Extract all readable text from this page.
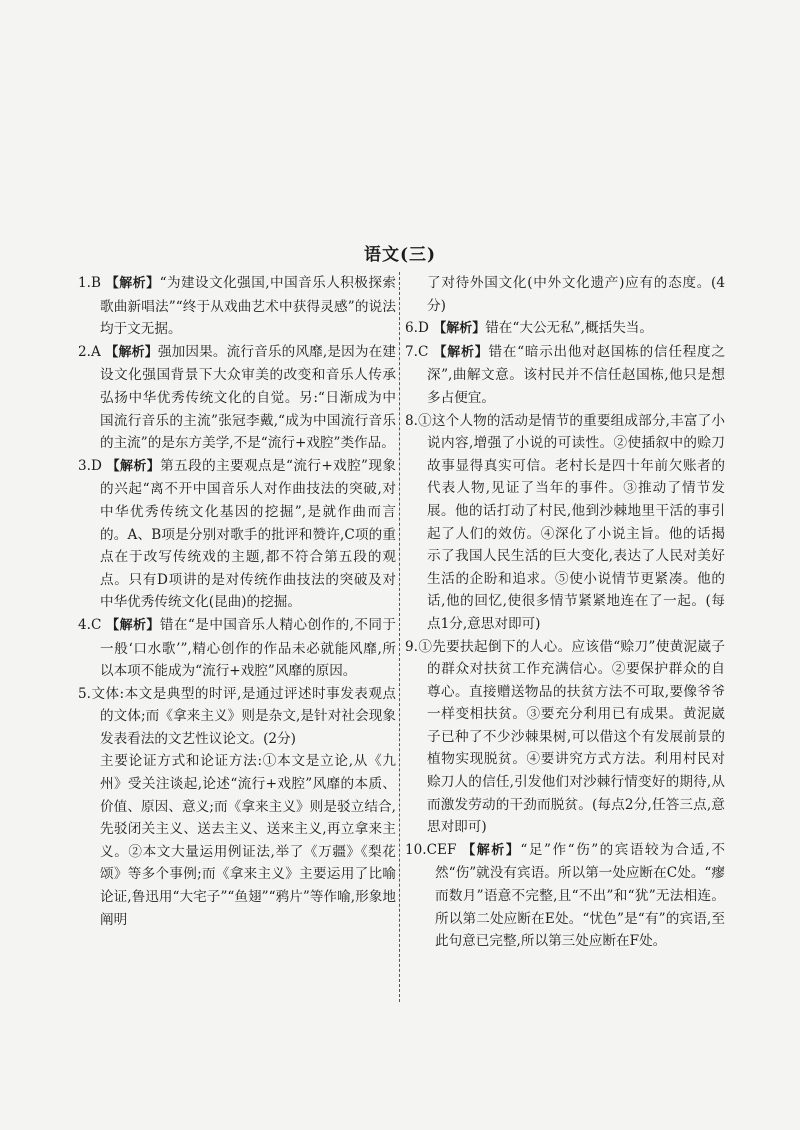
语文(三)

1.B 【解析】“为建设文化强国,中国音乐人积极探索歌曲新唱法”“终于从戏曲艺术中获得灵感”的说法均于文无据。

2.A 【解析】强加因果。流行音乐的风靡,是因为在建设文化强国背景下大众审美的改变和音乐人传承弘扬中华优秀传统文化的自觉。另:“日渐成为中国流行音乐的主流”张冠李戴,“成为中国流行音乐的主流”的是东方美学,不是“流行+戏腔”类作品。

3.D 【解析】第五段的主要观点是“流行+戏腔”现象的兴起“离不开中国音乐人对作曲技法的突破,对中华优秀传统文化基因的挖掘”,是就作曲而言的。A、B项是分别对歌手的批评和赞许,C项的重点在于改写传统戏的主题,都不符合第五段的观点。只有D项讲的是对传统作曲技法的突破及对中华优秀传统文化(昆曲)的挖掘。

4.C 【解析】错在“是中国音乐人精心创作的,不同于一般‘口水歌’”,精心创作的作品未必就能风靡,所以本项不能成为“流行+戏腔”风靡的原因。

5.文体:本文是典型的时评,是通过评述时事发表观点的文体;而《拿来主义》则是杂文,是针对社会现象发表看法的文艺性议论文。(2分)

主要论证方式和论证方法:①本文是立论,从《九州》受关注谈起,论述“流行+戏腔”风靡的本质、价值、原因、意义;而《拿来主义》则是驳立结合,先驳闭关主义、送去主义、送来主义,再立拿来主义。②本文大量运用例证法,举了《万疆》《梨花颂》等多个事例;而《拿来主义》主要运用了比喻论证,鲁迅用“大宅子”“鱼翅”“鸦片”等作喻,形象地阐明

了对待外国文化(中外文化遗产)应有的态度。(4分)

6.D 【解析】错在“大公无私”,概括失当。

7.C 【解析】错在“暗示出他对赵国栋的信任程度之深”,曲解文意。该村民并不信任赵国栋,他只是想多占便宜。

8.①这个人物的活动是情节的重要组成部分,丰富了小说内容,增强了小说的可读性。②使插叙中的赊刀故事显得真实可信。老村长是四十年前欠账者的代表人物,见证了当年的事件。③推动了情节发展。他的话打动了村民,他到沙棘地里干活的事引起了人们的效仿。④深化了小说主旨。他的话揭示了我国人民生活的巨大变化,表达了人民对美好生活的企盼和追求。⑤使小说情节更紧凑。他的话,他的回忆,使很多情节紧紧地连在了一起。(每点1分,意思对即可)

9.①先要扶起倒下的人心。应该借“赊刀”使黄泥崴子的群众对扶贫工作充满信心。②要保护群众的自尊心。直接赠送物品的扶贫方法不可取,要像爷爷一样变相扶贫。③要充分利用已有成果。黄泥崴子已种了不少沙棘果树,可以借这个有发展前景的植物实现脱贫。④要讲究方式方法。利用村民对赊刀人的信任,引发他们对沙棘行情变好的期待,从而激发劳动的干劲而脱贫。(每点2分,任答三点,意思对即可)

10.CEF 【解析】“足”作“伤”的宾语较为合适,不然“伤”就没有宾语。所以第一处应断在C处。“瘳而数月”语意不完整,且“不出”和“犹”无法相连。所以第二处应断在E处。“忧色”是“有”的宾语,至此句意已完整,所以第三处应断在F处。
